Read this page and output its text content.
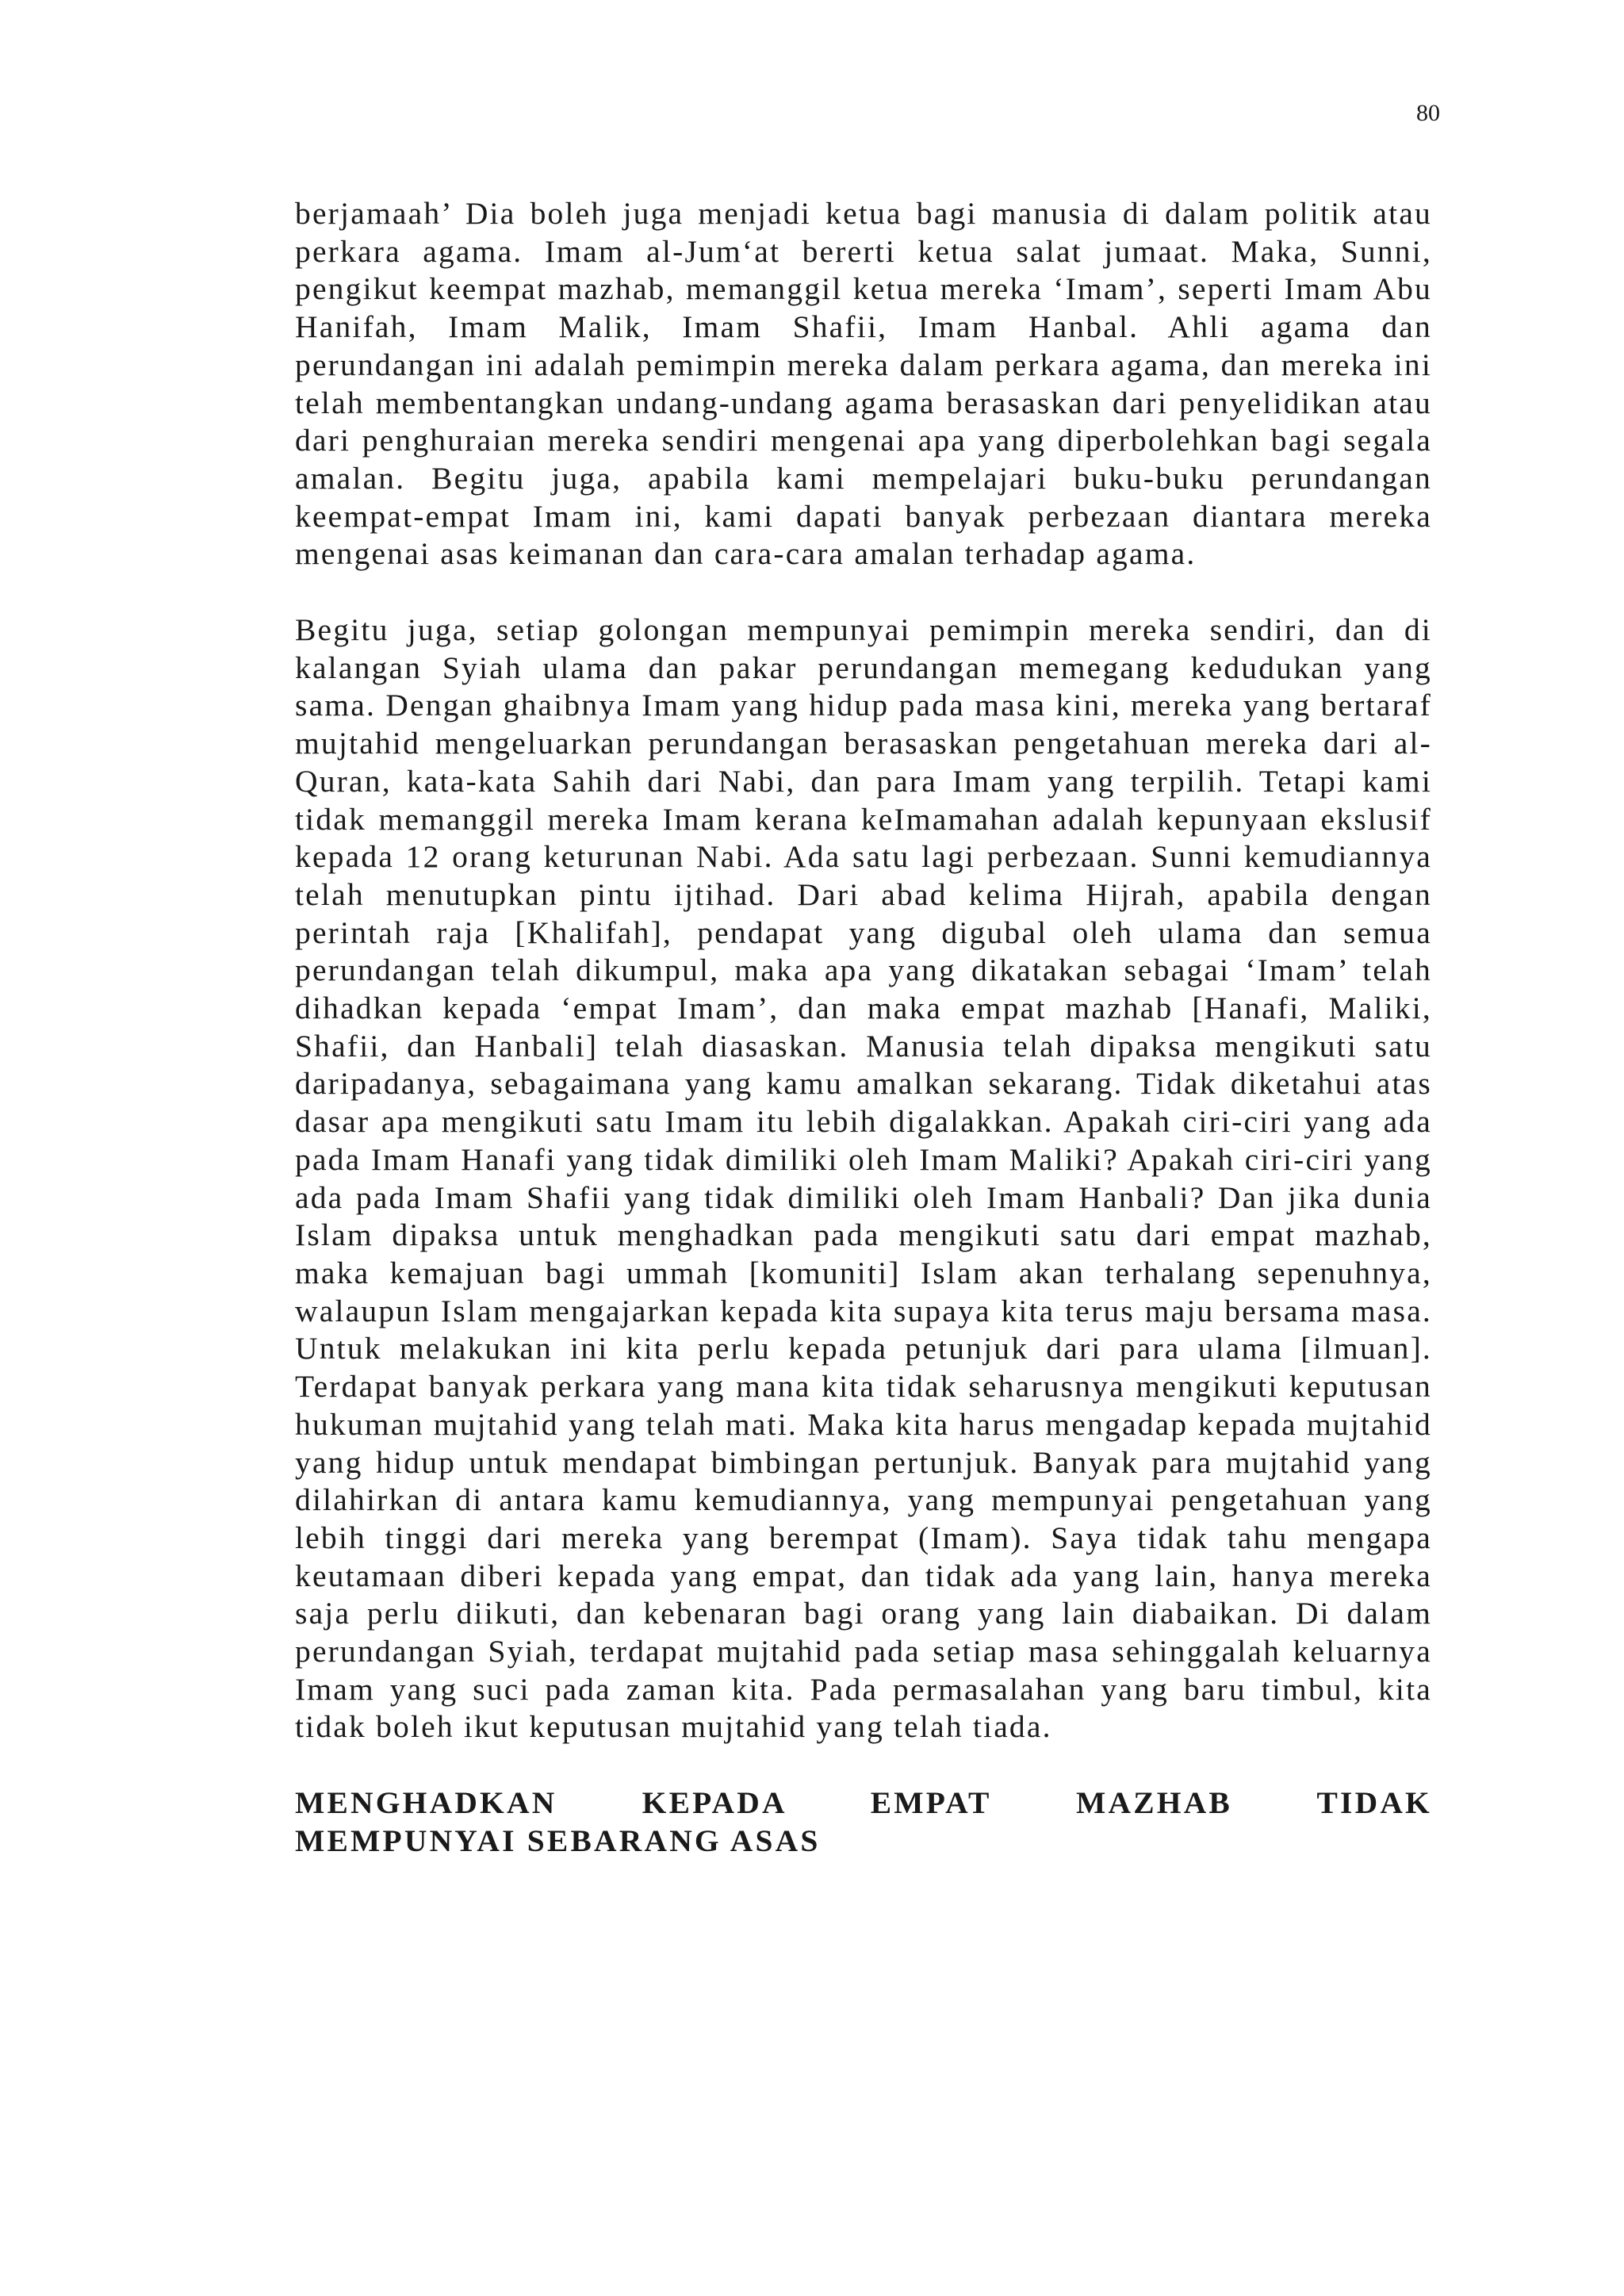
80

berjamaah’ Dia boleh juga menjadi ketua bagi manusia di dalam politik atau perkara agama. Imam al-Jum‘at bererti ketua salat jumaat. Maka, Sunni, pengikut keempat mazhab, memanggil ketua mereka ‘Imam’, seperti Imam Abu Hanifah, Imam Malik, Imam Shafii, Imam Hanbal. Ahli agama dan perundangan ini adalah pemimpin mereka dalam perkara agama, dan mereka ini telah membentangkan undang-undang agama berasaskan dari penyelidikan atau dari penghuraian mereka sendiri mengenai apa yang diperbolehkan bagi segala amalan. Begitu juga, apabila kami mempelajari buku-buku perundangan keempat-empat Imam ini, kami dapati banyak perbezaan diantara mereka mengenai asas keimanan dan cara-cara amalan terhadap agama.

Begitu juga, setiap golongan mempunyai pemimpin mereka sendiri, dan di kalangan Syiah ulama dan pakar perundangan memegang kedudukan yang sama. Dengan ghaibnya Imam yang hidup pada masa kini, mereka yang bertaraf mujtahid mengeluarkan perundangan berasaskan pengetahuan mereka dari al-Quran, kata-kata Sahih dari Nabi, dan para Imam yang terpilih. Tetapi kami tidak memanggil mereka Imam kerana keImamahan adalah kepunyaan ekslusif kepada 12 orang keturunan Nabi. Ada satu lagi perbezaan. Sunni kemudiannya telah menutupkan pintu ijtihad. Dari abad kelima Hijrah, apabila dengan perintah raja [Khalifah], pendapat yang digubal oleh ulama dan semua perundangan telah dikumpul, maka apa yang dikatakan sebagai ‘Imam’ telah dihadkan kepada ‘empat Imam’, dan maka empat mazhab [Hanafi, Maliki, Shafii, dan Hanbali] telah diasaskan. Manusia telah dipaksa mengikuti satu daripadanya, sebagaimana yang kamu amalkan sekarang. Tidak diketahui atas dasar apa mengikuti satu Imam itu lebih digalakkan. Apakah ciri-ciri yang ada pada Imam Hanafi yang tidak dimiliki oleh Imam Maliki? Apakah ciri-ciri yang ada pada Imam Shafii yang tidak dimiliki oleh Imam Hanbali? Dan jika dunia Islam dipaksa untuk menghadkan pada mengikuti satu dari empat mazhab, maka kemajuan bagi ummah [komuniti] Islam akan terhalang sepenuhnya, walaupun Islam mengajarkan kepada kita supaya kita terus maju bersama masa. Untuk melakukan ini kita perlu kepada petunjuk dari para ulama [ilmuan]. Terdapat banyak perkara yang mana kita tidak seharusnya mengikuti keputusan hukuman mujtahid yang telah mati. Maka kita harus mengadap kepada mujtahid yang hidup untuk mendapat bimbingan pertunjuk. Banyak para mujtahid yang dilahirkan di antara kamu kemudiannya, yang mempunyai pengetahuan yang lebih tinggi dari mereka yang berempat (Imam). Saya tidak tahu mengapa keutamaan diberi kepada yang empat, dan tidak ada yang lain, hanya mereka saja perlu diikuti, dan kebenaran bagi orang yang lain diabaikan. Di dalam perundangan Syiah, terdapat mujtahid pada setiap masa sehinggalah keluarnya Imam yang suci pada zaman kita. Pada permasalahan yang baru timbul, kita tidak boleh ikut keputusan mujtahid yang telah tiada.

MENGHADKAN KEPADA EMPAT MAZHAB TIDAK
MEMPUNYAI SEBARANG ASAS
